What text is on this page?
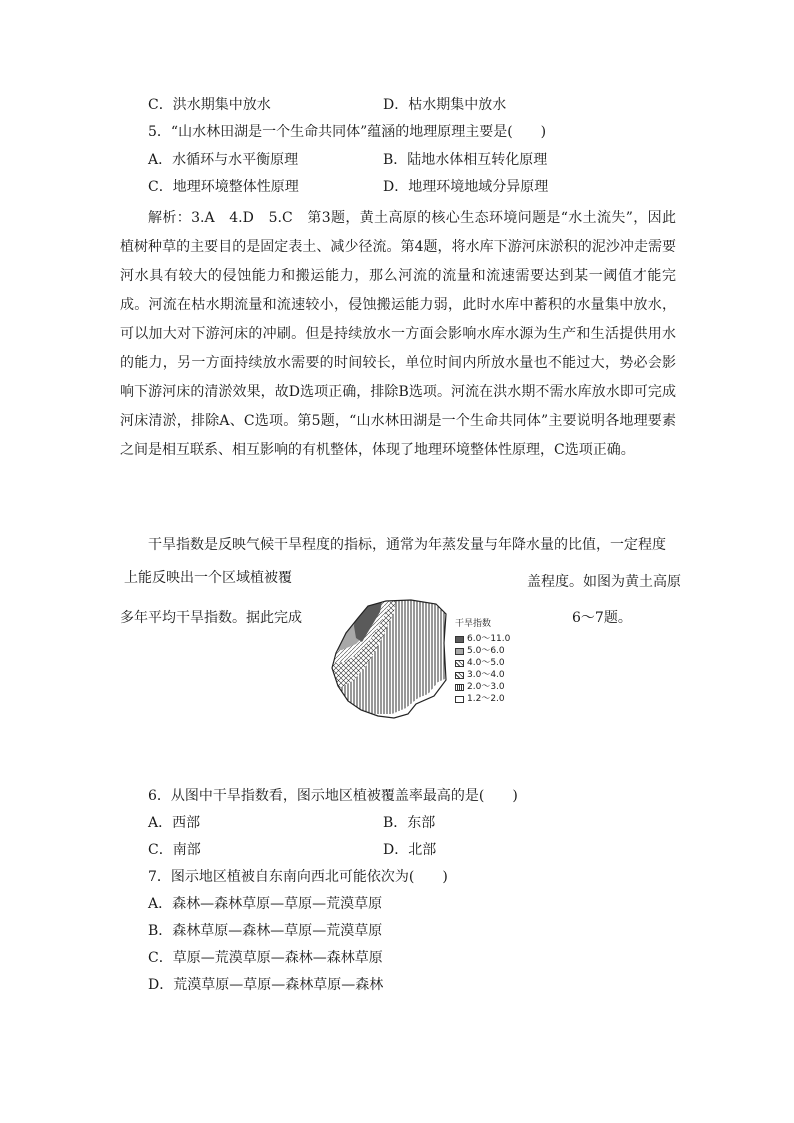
C．洪水期集中放水	D．枯水期集中放水
5．“山水林田湖是一个生命共同体”蕴涵的地理原理主要是(　　)
A．水循环与水平衡原理	B．陆地水体相互转化原理
C．地理环境整体性原理	D．地理环境地域分异原理

解析：3.A　4.D　5.C　第3题，黄土高原的核心生态环境问题是“水土流失”，因此植树种草的主要目的是固定表土、减少径流。第4题，将水库下游河床淤积的泥沙冲走需要河水具有较大的侵蚀能力和搬运能力，那么河流的流量和流速需要达到某一阈值才能完成。河流在枯水期流量和流速较小，侵蚀搬运能力弱，此时水库中蓄积的水量集中放水，可以加大对下游河床的冲刷。但是持续放水一方面会影响水库水源为生产和生活提供用水的能力，另一方面持续放水需要的时间较长，单位时间内所放水量也不能过大，势必会影响下游河床的清淤效果，故D选项正确，排除B选项。河流在洪水期不需水库放水即可完成河床清淤，排除A、C选项。第5题，“山水林田湖是一个生命共同体”主要说明各地理要素之间是相互联系、相互影响的有机整体，体现了地理环境整体性原理，C选项正确。

干旱指数是反映气候干旱程度的指标，通常为年蒸发量与年降水量的比值，一定程度
上能反映出一个区域植被覆	盖程度。如图为黄土高原
多年平均干旱指数。据此完成	6～7题。
干旱指数
6.0～11.0
5.0～6.0
4.0～5.0
3.0～4.0
2.0～3.0
1.2～2.0
6．从图中干旱指数看，图示地区植被覆盖率最高的是(　　)
A．西部	B．东部
C．南部	D．北部
7．图示地区植被自东南向西北可能依次为(　　)
A．森林—森林草原—草原—荒漠草原
B．森林草原—森林—草原—荒漠草原
C．草原—荒漠草原—森林—森林草原
D．荒漠草原—草原—森林草原—森林
